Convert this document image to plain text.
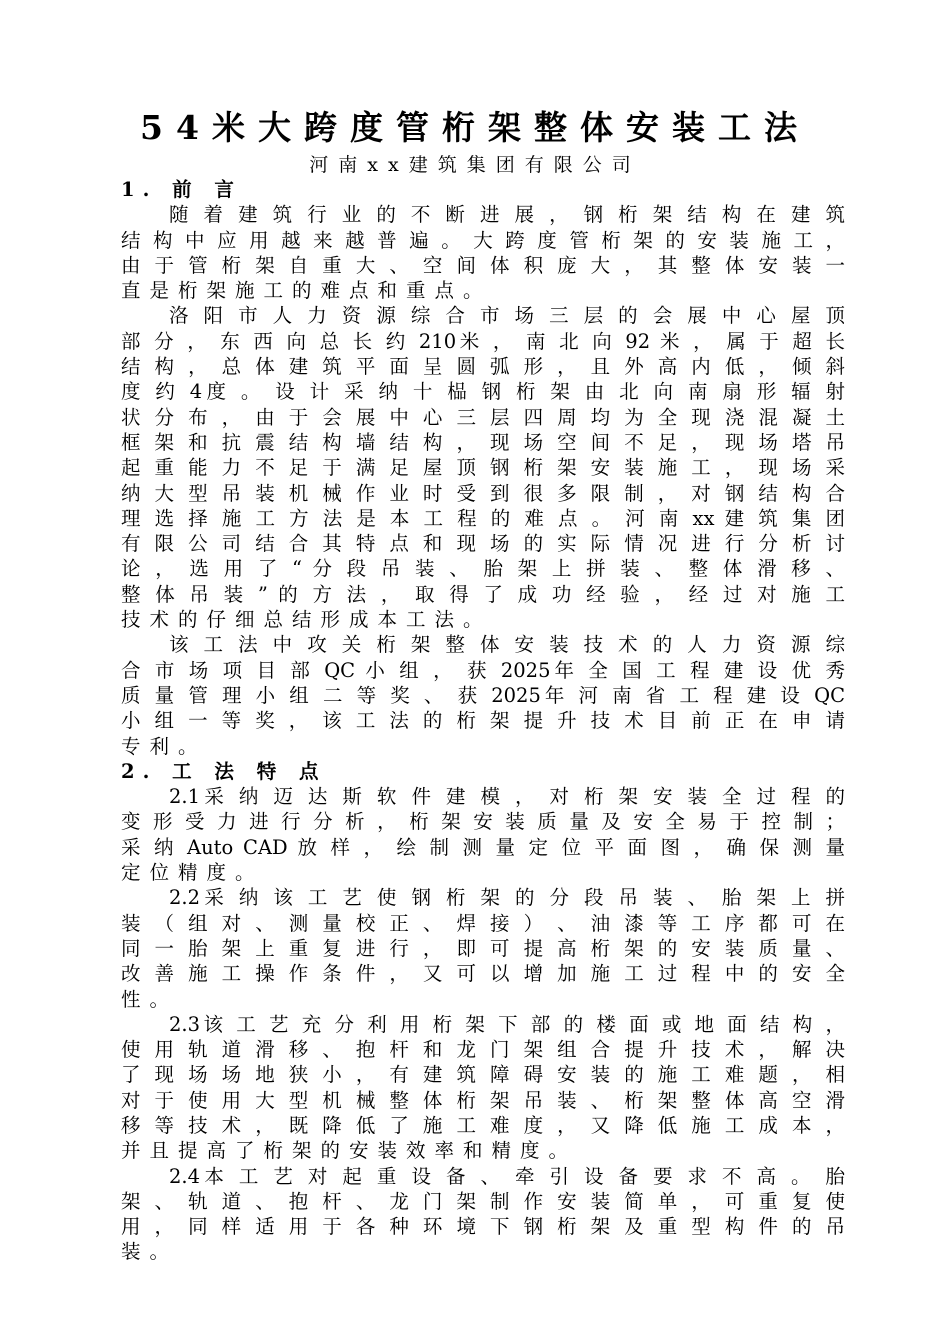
54米大跨度管桁架整体安装工法
河南xx建筑集团有限公司
1. 前 言
随 着 建 筑 行 业 的 不 断 进 展 ， 钢 桁 架 结 构 在 建 筑
结 构 中 应 用 越 来 越 普 遍 。 大 跨 度 管 桁 架 的 安 装 施 工 ，
由 于 管 桁 架 自 重 大 、 空 间 体 积 庞 大 ， 其 整 体 安 装 一
直是桁架施工的难点和重点。
洛 阳 市 人 力 资 源 综 合 市 场 三 层 的 会 展 中 心 屋 顶
部 分 ， 东 西 向 总 长 约 210米 ， 南 北 向 92 米 ， 属 于 超 长
结 构 ， 总 体 建 筑 平 面 呈 圆 弧 形 ， 且 外 高 内 低 ， 倾 斜
度 约 4度 。 设 计 采 纳 十 榀 钢 桁 架 由 北 向 南 扇 形 辐 射
状 分 布 ， 由 于 会 展 中 心 三 层 四 周 均 为 全 现 浇 混 凝 土
框 架 和 抗 震 结 构 墙 结 构 ， 现 场 空 间 不 足 ， 现 场 塔 吊
起 重 能 力 不 足 于 满 足 屋 顶 钢 桁 架 安 装 施 工 ， 现 场 采
纳 大 型 吊 装 机 械 作 业 时 受 到 很 多 限 制 ， 对 钢 结 构 合
理 选 择 施 工 方 法 是 本 工 程 的 难 点 。 河 南 xx 建 筑 集 团
有 限 公 司 结 合 其 特 点 和 现 场 的 实 际 情 况 进 行 分 析 讨
论 ， 选 用 了 “ 分 段 吊 装 、 胎 架 上 拼 装 、 整 体 滑 移 、
整 体 吊 装 ” 的 方 法 ， 取 得 了 成 功 经 验 ， 经 过 对 施 工
技术的仔细总结形成本工法。
该 工 法 中 攻 关 桁 架 整 体 安 装 技 术 的 人 力 资 源 综
合 市 场 项 目 部 QC 小 组 ， 获 2025年 全 国 工 程 建 设 优 秀
质 量 管 理 小 组 二 等 奖 、 获 2025年 河 南 省 工 程 建 设 QC
小 组 一 等 奖 ， 该 工 法 的 桁 架 提 升 技 术 目 前 正 在 申 请
专利。
2. 工 法 特 点
2.1采 纳 迈 达 斯 软 件 建 模 ， 对 桁 架 安 装 全 过 程 的
变 形 受 力 进 行 分 析 ， 桁 架 安 装 质 量 及 安 全 易 于 控 制 ；
采 纳 Auto CAD 放 样 ， 绘 制 测 量 定 位 平 面 图 ， 确 保 测 量
定位精度。
2.2采 纳 该 工 艺 使 钢 桁 架 的 分 段 吊 装 、 胎 架 上 拼
装 （ 组 对 、 测 量 校 正 、 焊 接 ） 、 油 漆 等 工 序 都 可 在
同 一 胎 架 上 重 复 进 行 ， 即 可 提 高 桁 架 的 安 装 质 量 、
改 善 施 工 操 作 条 件 ， 又 可 以 增 加 施 工 过 程 中 的 安 全
性。
2.3该 工 艺 充 分 利 用 桁 架 下 部 的 楼 面 或 地 面 结 构 ，
使 用 轨 道 滑 移 、 抱 杆 和 龙 门 架 组 合 提 升 技 术 ， 解 决
了 现 场 场 地 狭 小 ， 有 建 筑 障 碍 安 装 的 施 工 难 题 ， 相
对 于 使 用 大 型 机 械 整 体 桁 架 吊 装 、 桁 架 整 体 高 空 滑
移 等 技 术 ， 既 降 低 了 施 工 难 度 ， 又 降 低 施 工 成 本 ，
并且提高了桁架的安装效率和精度。
2.4本 工 艺 对 起 重 设 备 、 牵 引 设 备 要 求 不 高 。 胎
架 、 轨 道 、 抱 杆 、 龙 门 架 制 作 安 装 简 单 ， 可 重 复 使
用 ， 同 样 适 用 于 各 种 环 境 下 钢 桁 架 及 重 型 构 件 的 吊
装。
